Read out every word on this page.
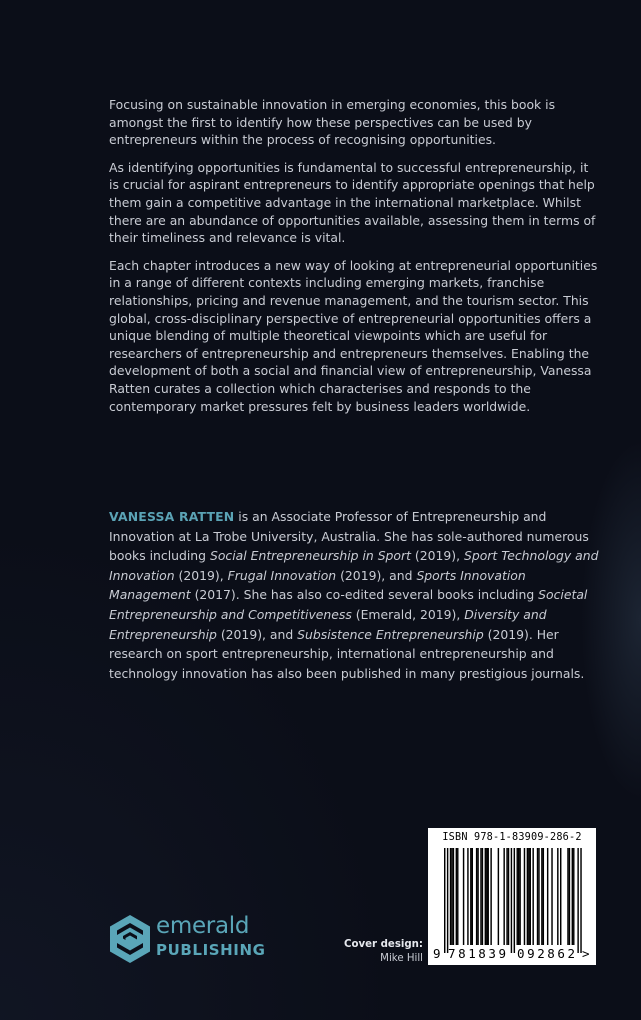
Focusing on sustainable innovation in emerging economies, this book is amongst the first to identify how these perspectives can be used by entrepreneurs within the process of recognising opportunities.

As identifying opportunities is fundamental to successful entrepreneurship, it is crucial for aspirant entrepreneurs to identify appropriate openings that help them gain a competitive advantage in the international marketplace. Whilst there are an abundance of opportunities available, assessing them in terms of their timeliness and relevance is vital.

Each chapter introduces a new way of looking at entrepreneurial opportunities in a range of different contexts including emerging markets, franchise relationships, pricing and revenue management, and the tourism sector. This global, cross-disciplinary perspective of entrepreneurial opportunities offers a unique blending of multiple theoretical viewpoints which are useful for researchers of entrepreneurship and entrepreneurs themselves. Enabling the development of both a social and financial view of entrepreneurship, Vanessa Ratten curates a collection which characterises and responds to the contemporary market pressures felt by business leaders worldwide.

VANESSA RATTEN is an Associate Professor of Entrepreneurship and Innovation at La Trobe University, Australia. She has sole-authored numerous books including Social Entrepreneurship in Sport (2019), Sport Technology and Innovation (2019), Frugal Innovation (2019), and Sports Innovation Management (2017). She has also co-edited several books including Societal Entrepreneurship and Competitiveness (Emerald, 2019), Diversity and Entrepreneurship (2019), and Subsistence Entrepreneurship (2019). Her research on sport entrepreneurship, international entrepreneurship and technology innovation has also been published in many prestigious journals.

emerald
PUBLISHING	Cover design:
Mike Hill
ISBN 978-1-83909-286-2
9 781839 092862 >
